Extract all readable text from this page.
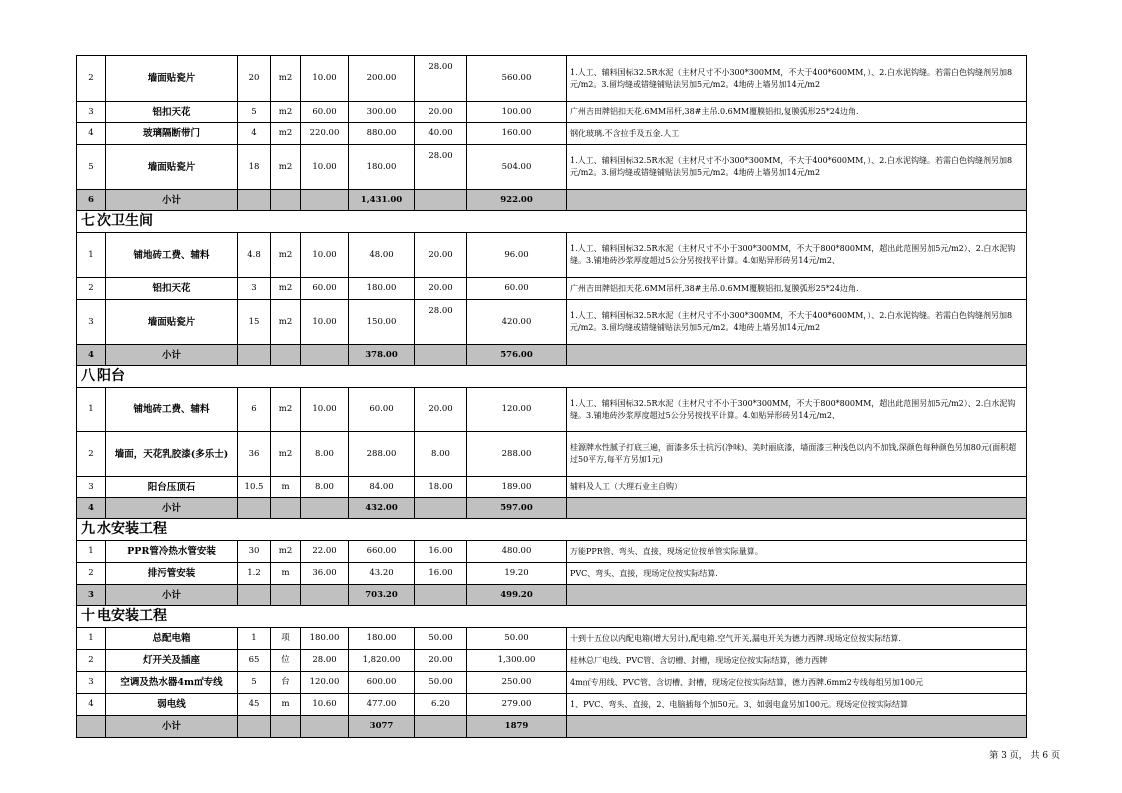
2	墙面贴瓷片	20	m2	10.00	200.00	28.00	560.00	1.人工、辅料国标32.5R水泥（主材尺寸不小300*300MM，不大于400*600MM，）、2.白水泥钩缝。若需白色钩缝剂另加8元/m2。3.留均缝或错缝铺贴法另加5元/m2。4地砖上墙另加14元/m2
3	铝扣天花	5	m2	60.00	300.00	20.00	100.00	广州吉田牌铝扣天花.6MM吊杆,38#主吊.0.6MM覆膜铝扣,复膜弧形25*24边角.
4	玻璃隔断带门	4	m2	220.00	880.00	40.00	160.00	钢化玻璃.不含拉手及五金.人工
5	墙面贴瓷片	18	m2	10.00	180.00	28.00	504.00	1.人工、辅料国标32.5R水泥（主材尺寸不小300*300MM，不大于400*600MM，）、2.白水泥钩缝。若需白色钩缝剂另加8元/m2。3.留均缝或错缝铺贴法另加5元/m2。4地砖上墙另加14元/m2
6	小计				1,431.00		922.00	
七 次卫生间								
1	铺地砖工费、辅料	4.8	m2	10.00	48.00	20.00	96.00	1.人工、辅料国标32.5R水泥（主材尺寸不小于300*300MM，不大于800*800MM，超出此范围另加5元/m2）、2.白水泥钩缝。3.铺地砖沙浆厚度超过5公分另按找平计算。4.如贴异形砖另14元/m2、
2	铝扣天花	3	m2	60.00	180.00	20.00	60.00	广州吉田牌铝扣天花.6MM吊杆,38#主吊.0.6MM覆膜铝扣,复膜弧形25*24边角.
3	墙面贴瓷片	15	m2	10.00	150.00	28.00	420.00	1.人工、辅料国标32.5R水泥（主材尺寸不小300*300MM，不大于400*600MM，）、2.白水泥钩缝。若需白色钩缝剂另加8元/m2。3.留均缝或错缝铺贴法另加5元/m2。4地砖上墙另加14元/m2
4	小计				378.00		576.00	
八 阳台								
1	铺地砖工费、辅料	6	m2	10.00	60.00	20.00	120.00	1.人工、辅料国标32.5R水泥（主材尺寸不小于300*300MM，不大于800*800MM，超出此范围另加5元/m2）、2.白水泥钩缝。3.铺地砖沙浆厚度超过5公分另按找平计算。4.如贴异形砖另14元/m2、
2	墙面，天花乳胶漆(多乐士)	36	m2	8.00	288.00	8.00	288.00	桂源牌水性腻子打底三遍，面漆多乐士抗污(净味)、美时丽底漆，墙面漆三种浅色以内不加钱,深颜色每种颜色另加80元(面积超过50平方,每平方另加1元)
3	阳台压顶石	10.5	m	8.00	84.00	18.00	189.00	辅料及人工（大理石业主自购）
4	小计				432.00		597.00	
九 水安装工程								
1	PPR管冷热水管安装	30	m2	22.00	660.00	16.00	480.00	万能PPR管、弯头、直接，现场定位按单管实际量算。
2	排污管安装	1.2	m	36.00	43.20	16.00	19.20	PVC、弯头、直接，现场定位按实际结算.
3	小计				703.20		499.20	
十 电安装工程								
1	总配电箱	1	项	180.00	180.00	50.00	50.00	十到十五位以内配电箱(增大另计),配电箱.空气开关,漏电开关为德力西牌.现场定位按实际结算.
2	灯开关及插座	65	位	28.00	1,820.00	20.00	1,300.00	桂林总厂电线、PVC管、含切槽、封槽，现场定位按实际结算，德力西牌
3	空调及热水器4m㎡专线	5	台	120.00	600.00	50.00	250.00	4m㎡专用线、PVC管、含切槽、封槽，现场定位按实际结算，德力西牌.6mm2专线每组另加100元
4	弱电线	45	m	10.60	477.00	6.20	279.00	1、PVC、弯头、直接，2、电脑插每个加50元。3、如弱电盒另加100元。现场定位按实际结算
	小计				3077		1879	
第 3 页， 共 6 页
